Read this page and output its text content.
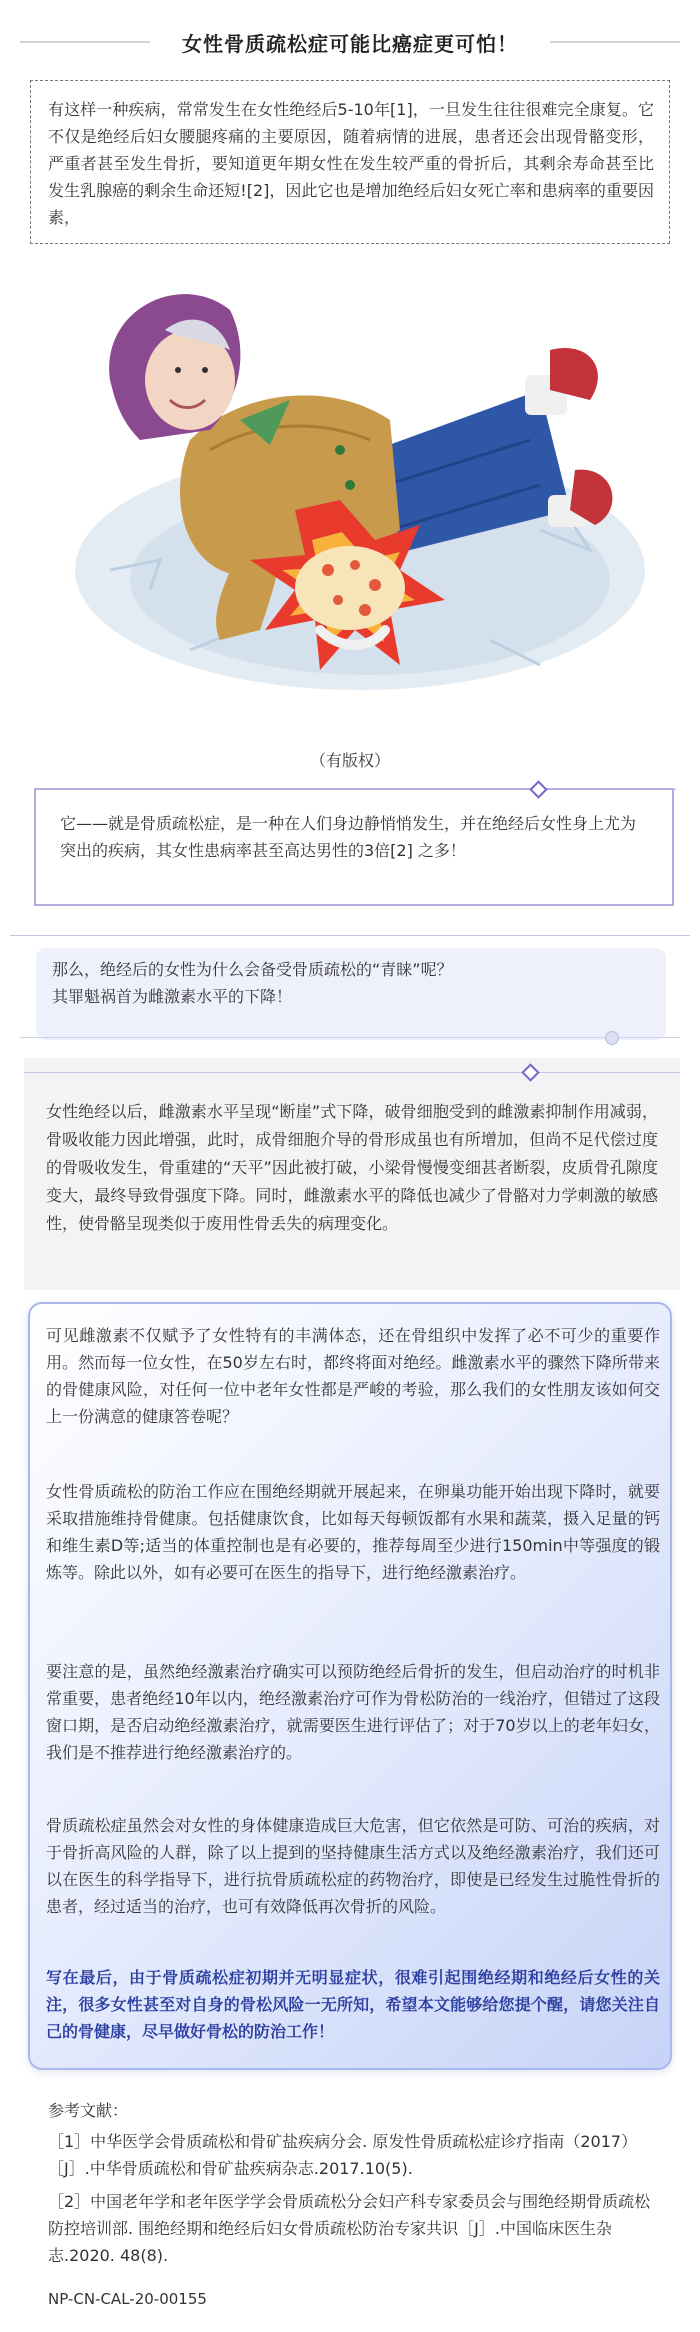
女性骨质疏松症可能比癌症更可怕！
有这样一种疾病，常常发生在女性绝经后5-10年[1]，一旦发生往往很难完全康复。它不仅是绝经后妇女腰腿疼痛的主要原因，随着病情的进展，患者还会出现骨骼变形，严重者甚至发生骨折，要知道更年期女性在发生较严重的骨折后，其剩余寿命甚至比发生乳腺癌的剩余生命还短![2]，因此它也是增加绝经后妇女死亡率和患病率的重要因素，
（有版权）
它——就是骨质疏松症，是一种在人们身边静悄悄发生，并在绝经后女性身上尤为突出的疾病，其女性患病率甚至高达男性的3倍[2] 之多！
那么，绝经后的女性为什么会备受骨质疏松的“青睐”呢？
其罪魁祸首为雌激素水平的下降！
女性绝经以后，雌激素水平呈现“断崖”式下降，破骨细胞受到的雌激素抑制作用减弱，骨吸收能力因此增强，此时，成骨细胞介导的骨形成虽也有所增加，但尚不足代偿过度的骨吸收发生，骨重建的“天平”因此被打破，小梁骨慢慢变细甚者断裂，皮质骨孔隙度变大，最终导致骨强度下降。同时，雌激素水平的降低也减少了骨骼对力学刺激的敏感性，使骨骼呈现类似于废用性骨丢失的病理变化。
可见雌激素不仅赋予了女性特有的丰满体态，还在骨组织中发挥了必不可少的重要作用。然而每一位女性，在50岁左右时，都终将面对绝经。雌激素水平的骤然下降所带来的骨健康风险，对任何一位中老年女性都是严峻的考验，那么我们的女性朋友该如何交上一份满意的健康答卷呢？
女性骨质疏松的防治工作应在围绝经期就开展起来，在卵巢功能开始出现下降时，就要采取措施维持骨健康。包括健康饮食，比如每天每顿饭都有水果和蔬菜，摄入足量的钙和维生素D等;适当的体重控制也是有必要的，推荐每周至少进行150min中等强度的锻炼等。除此以外，如有必要可在医生的指导下，进行绝经激素治疗。
要注意的是，虽然绝经激素治疗确实可以预防绝经后骨折的发生，但启动治疗的时机非常重要，患者绝经10年以内，绝经激素治疗可作为骨松防治的一线治疗，但错过了这段窗口期，是否启动绝经激素治疗，就需要医生进行评估了；对于70岁以上的老年妇女，我们是不推荐进行绝经激素治疗的。
骨质疏松症虽然会对女性的身体健康造成巨大危害，但它依然是可防、可治的疾病，对于骨折高风险的人群，除了以上提到的坚持健康生活方式以及绝经激素治疗，我们还可以在医生的科学指导下，进行抗骨质疏松症的药物治疗，即使是已经发生过脆性骨折的患者，经过适当的治疗，也可有效降低再次骨折的风险。
写在最后，由于骨质疏松症初期并无明显症状，很难引起围绝经期和绝经后女性的关注，很多女性甚至对自身的骨松风险一无所知，希望本文能够给您提个醒，请您关注自己的骨健康，尽早做好骨松的防治工作！
参考文献：
［1］中华医学会骨质疏松和骨矿盐疾病分会. 原发性骨质疏松症诊疗指南（2017）［J］.中华骨质疏松和骨矿盐疾病杂志.2017.10(5).
［2］中国老年学和老年医学学会骨质疏松分会妇产科专家委员会与围绝经期骨质疏松防控培训部. 围绝经期和绝经后妇女骨质疏松防治专家共识［J］.中国临床医生杂志.2020. 48(8).
NP-CN-CAL-20-00155
